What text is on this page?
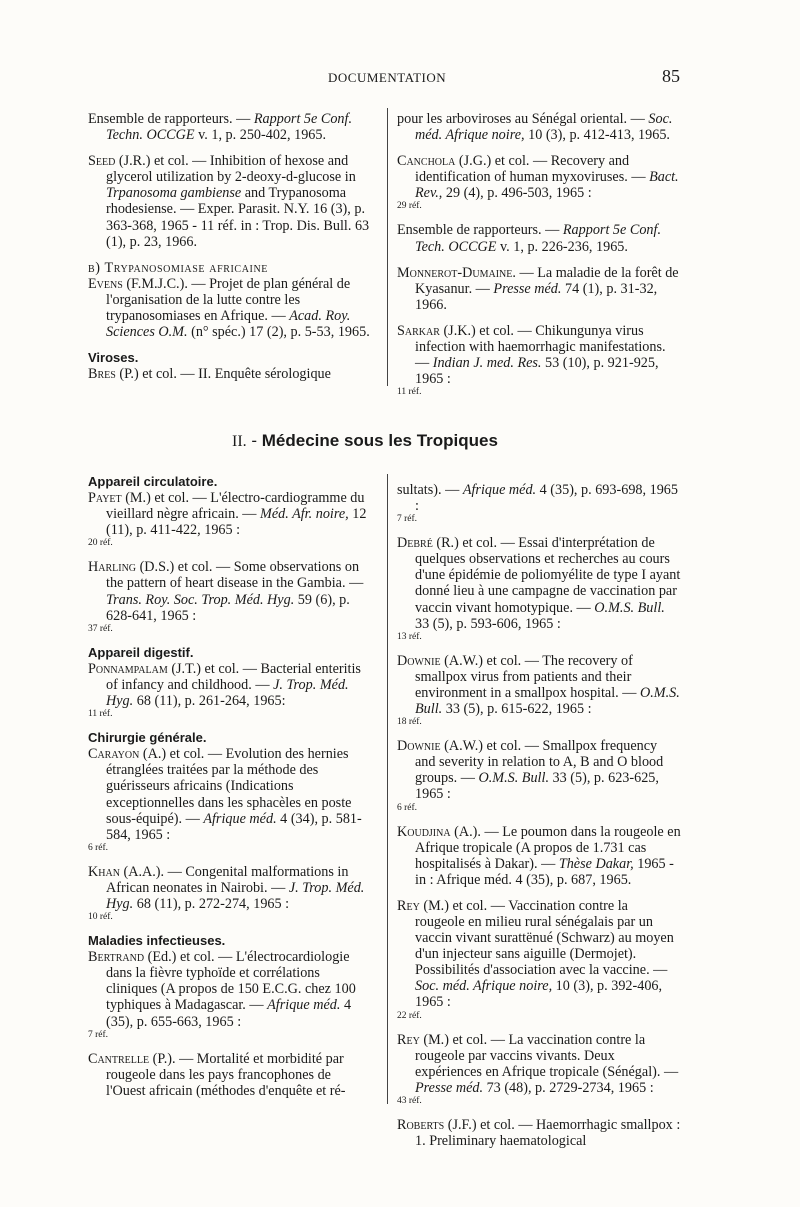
DOCUMENTATION	85

Ensemble de rapporteurs. — Rapport 5e Conf. Techn. OCCGE v. 1, p. 250-402, 1965.

Seed (J.R.) et col. — Inhibition of hexose and glycerol utilization by 2-deoxy-d-glucose in Trpanosoma gambiense and Trypanosoma rhodesiense. — Exper. Parasit. N.Y. 16 (3), p. 363-368, 1965 - 11 réf. in : Trop. Dis. Bull. 63 (1), p. 23, 1966.

b) Trypanosomiase africaine

Evens (F.M.J.C.). — Projet de plan général de l'organisation de la lutte contre les trypanosomiases en Afrique. — Acad. Roy. Sciences O.M. (n° spéc.) 17 (2), p. 5-53, 1965.

Viroses.

Bres (P.) et col. — II. Enquête sérologique

pour les arboviroses au Sénégal oriental. — Soc. méd. Afrique noire, 10 (3), p. 412-413, 1965.

Canchola (J.G.) et col. — Recovery and identification of human myxoviruses. — Bact. Rev., 29 (4), p. 496-503, 1965 :

29 réf.

Ensemble de rapporteurs. — Rapport 5e Conf. Tech. OCCGE v. 1, p. 226-236, 1965.

Monnerot-Dumaine. — La maladie de la forêt de Kyasanur. — Presse méd. 74 (1), p. 31-32, 1966.

Sarkar (J.K.) et col. — Chikungunya virus infection with haemorrhagic manifestations. — Indian J. med. Res. 53 (10), p. 921-925, 1965 :

11 réf.

II. - Médecine sous les Tropiques

Appareil circulatoire.

Payet (M.) et col. — L'électro-cardiogramme du vieillard nègre africain. — Méd. Afr. noire, 12 (11), p. 411-422, 1965 :

20 réf.

Harling (D.S.) et col. — Some observations on the pattern of heart disease in the Gambia. — Trans. Roy. Soc. Trop. Méd. Hyg. 59 (6), p. 628-641, 1965 :

37 réf.

Appareil digestif.

Ponnampalam (J.T.) et col. — Bacterial enteritis of infancy and childhood. — J. Trop. Méd. Hyg. 68 (11), p. 261-264, 1965:

11 réf.

Chirurgie générale.

Carayon (A.) et col. — Evolution des hernies étranglées traitées par la méthode des guérisseurs africains (Indications exceptionnelles dans les sphacèles en poste sous-équipé). — Afrique méd. 4 (34), p. 581-584, 1965 :

6 réf.

Khan (A.A.). — Congenital malformations in African neonates in Nairobi. — J. Trop. Méd. Hyg. 68 (11), p. 272-274, 1965 :

10 réf.

Maladies infectieuses.

Bertrand (Ed.) et col. — L'électrocardiologie dans la fièvre typhoïde et corrélations cliniques (A propos de 150 E.C.G. chez 100 typhiques à Madagascar. — Afrique méd. 4 (35), p. 655-663, 1965 :

7 réf.

Cantrelle (P.). — Mortalité et morbidité par rougeole dans les pays francophones de l'Ouest africain (méthodes d'enquête et ré-

sultats). — Afrique méd. 4 (35), p. 693-698, 1965 :

7 réf.

Debré (R.) et col. — Essai d'interprétation de quelques observations et recherches au cours d'une épidémie de poliomyélite de type I ayant donné lieu à une campagne de vaccination par vaccin vivant homotypique. — O.M.S. Bull. 33 (5), p. 593-606, 1965 :

13 réf.

Downie (A.W.) et col. — The recovery of smallpox virus from patients and their environment in a smallpox hospital. — O.M.S. Bull. 33 (5), p. 615-622, 1965 :

18 réf.

Downie (A.W.) et col. — Smallpox frequency and severity in relation to A, B and O blood groups. — O.M.S. Bull. 33 (5), p. 623-625, 1965 :

6 réf.

Koudjina (A.). — Le poumon dans la rougeole en Afrique tropicale (A propos de 1.731 cas hospitalisés à Dakar). — Thèse Dakar, 1965 - in : Afrique méd. 4 (35), p. 687, 1965.

Rey (M.) et col. — Vaccination contre la rougeole en milieu rural sénégalais par un vaccin vivant surattënué (Schwarz) au moyen d'un injecteur sans aiguille (Dermojet). Possibilités d'association avec la vaccine. — Soc. méd. Afrique noire, 10 (3), p. 392-406, 1965 :

22 réf.

Rey (M.) et col. — La vaccination contre la rougeole par vaccins vivants. Deux expériences en Afrique tropicale (Sénégal). — Presse méd. 73 (48), p. 2729-2734, 1965 :

43 réf.

Roberts (J.F.) et col. — Haemorrhagic smallpox : 1. Preliminary haematological
